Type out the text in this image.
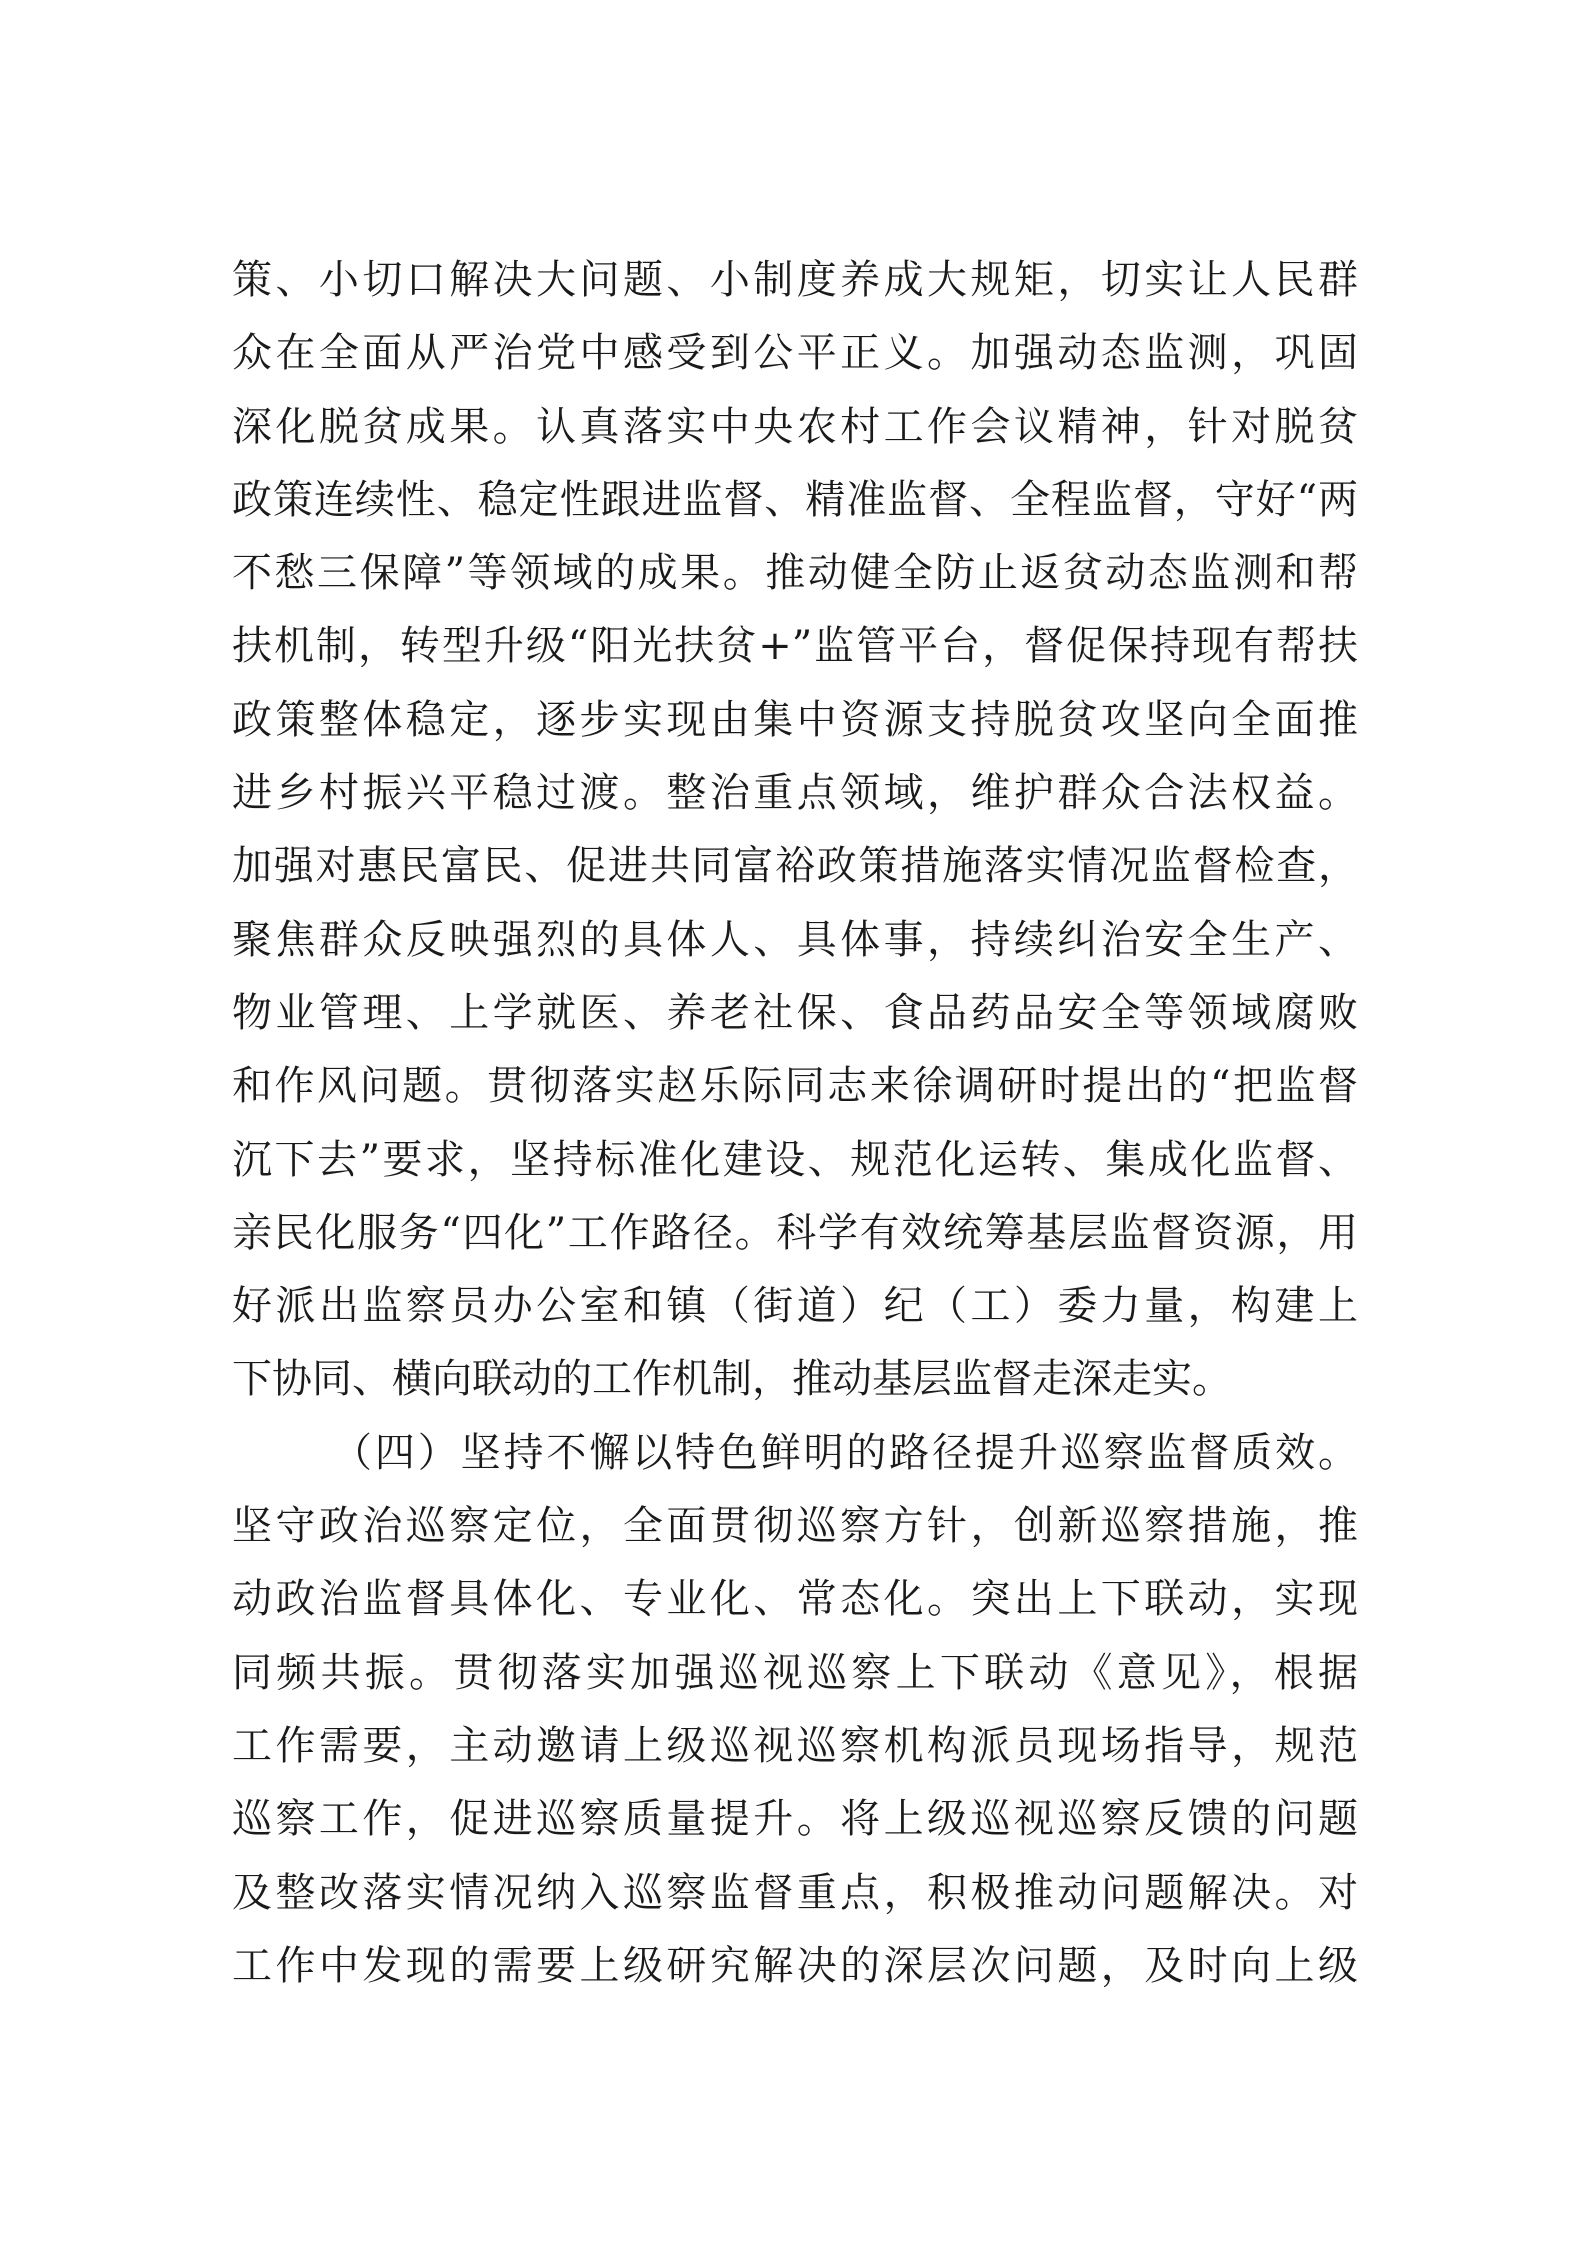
策、小切口解决大问题、小制度养成大规矩，切实让人民群
众在全面从严治党中感受到公平正义。加强动态监测，巩固
深化脱贫成果。认真落实中央农村工作会议精神，针对脱贫
政策连续性、稳定性跟进监督、精准监督、全程监督，守好“两
不愁三保障”等领域的成果。推动健全防止返贫动态监测和帮
扶机制，转型升级“阳光扶贫+”监管平台，督促保持现有帮扶
政策整体稳定，逐步实现由集中资源支持脱贫攻坚向全面推
进乡村振兴平稳过渡。整治重点领域，维护群众合法权益。
加强对惠民富民、促进共同富裕政策措施落实情况监督检查，
聚焦群众反映强烈的具体人、具体事，持续纠治安全生产、
物业管理、上学就医、养老社保、食品药品安全等领域腐败
和作风问题。贯彻落实赵乐际同志来徐调研时提出的“把监督
沉下去”要求，坚持标准化建设、规范化运转、集成化监督、
亲民化服务“四化”工作路径。科学有效统筹基层监督资源，用
好派出监察员办公室和镇（街道）纪（工）委力量，构建上
下协同、横向联动的工作机制，推动基层监督走深走实。
（四）坚持不懈以特色鲜明的路径提升巡察监督质效。
坚守政治巡察定位，全面贯彻巡察方针，创新巡察措施，推
动政治监督具体化、专业化、常态化。突出上下联动，实现
同频共振。贯彻落实加强巡视巡察上下联动《意见》，根据
工作需要，主动邀请上级巡视巡察机构派员现场指导，规范
巡察工作，促进巡察质量提升。将上级巡视巡察反馈的问题
及整改落实情况纳入巡察监督重点，积极推动问题解决。对
工作中发现的需要上级研究解决的深层次问题，及时向上级
